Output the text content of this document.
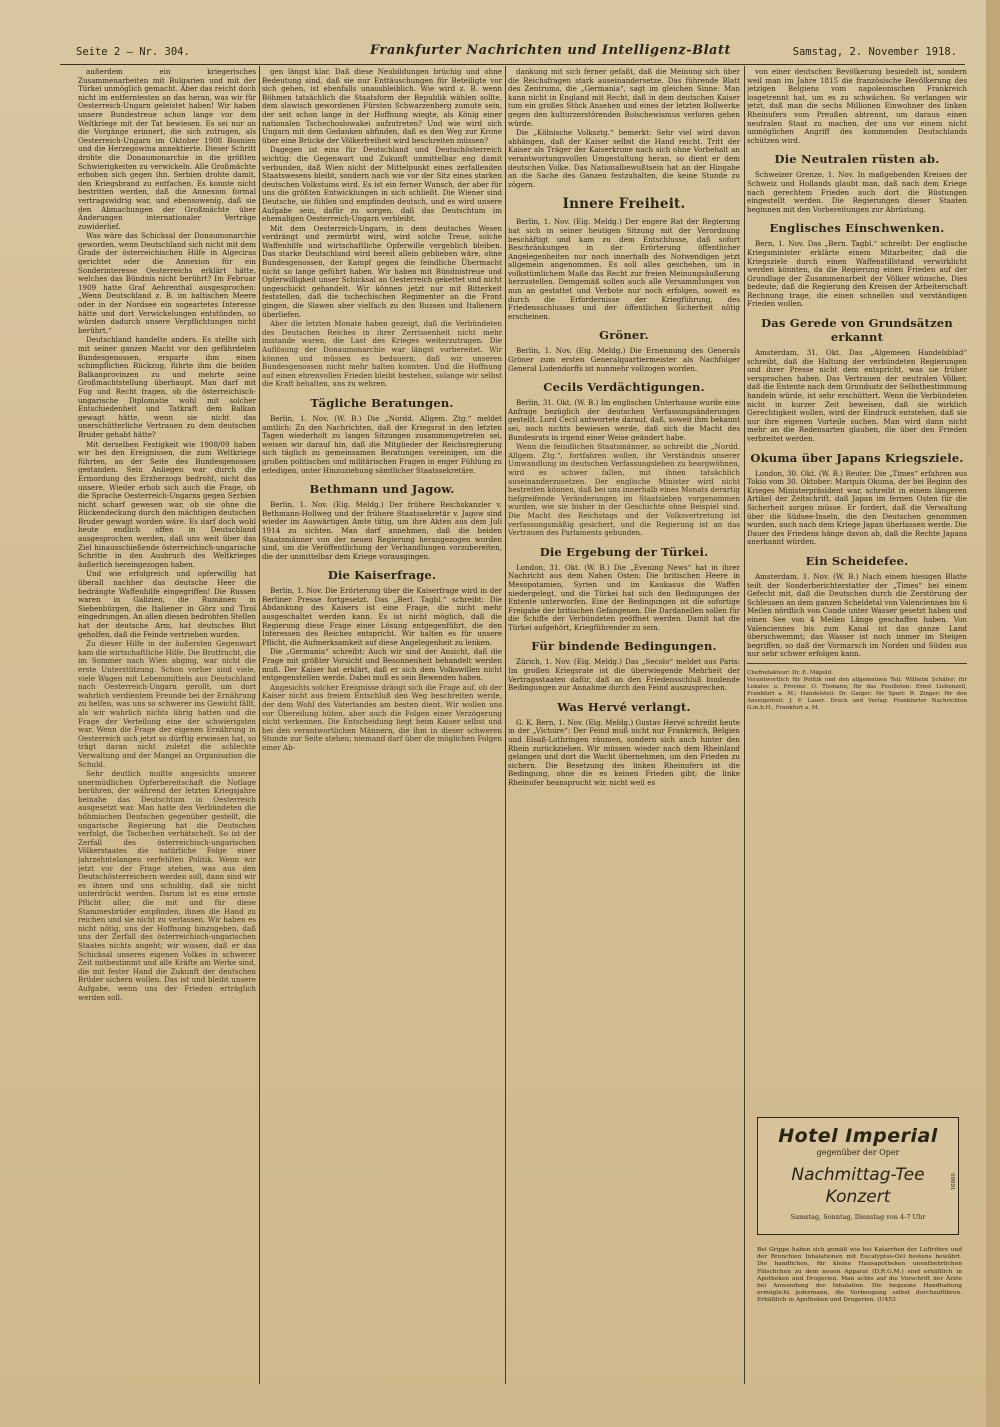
Seite 2 — Nr. 304.	Frankfurter Nachrichten und Intelligenz-Blatt	Samstag, 2. November 1918.

außerdem ein kriegerisches Zusammenarbeiten mit Bulgarien und mit der Türkei unmöglich gemacht. Aber das reicht doch nicht im entferntesten an das heran, was wir für Oesterreich-Ungarn geleistet haben! Wir haben unsere Bundestreue schon lange vor dem Weltkriege mit der Tat bewiesen. Es sei nur an die Vorgänge erinnert, die sich zutrugen, als Oesterreich-Ungarn im Oktober 1908 Bosnien und die Herzegowina annektierte. Dieser Schritt drohte die Donaumonarchie in die größten Schwierigkeiten zu verwickeln. Alle Großmächte erhoben sich gegen ihn. Serbien drohte damit, den Kriegsbrand zu entfachen. Es konnte nicht bestritten werden, daß die Annexion formal vertragswidrig war, und ebensowenig, daß sie den Abmachungen der Großmächte über Änderungen internationaler Verträge zuwiderlief.

Was wäre das Schicksal der Donaumonarchie geworden, wenn Deutschland sich nicht mit dem Grade der österreichischen Hilfe in Algeciras gerichtet oder die Annexion für ein Sonderinteresse Oesterreichs erklärt hätte, welches das Bündnis nicht berührt? Im Februar 1909 hatte Graf Aehrenthal ausgesprochen: „Wenn Deutschland z. B. im baltischen Meere oder in der Nordsee ein sogeartetes Interesse hätte und dort Verwickelungen entstünden, so würden dadurch unsere Verpflichtungen nicht berührt.“

Deutschland handelte anders. Es stellte sich mit seiner ganzen Macht vor den gefährdeten Bundesgenossen, ersparte ihm einen schimpflichen Rückzug, führte ihm die beiden Balkanprovinzen zu und mehrte seine Großmachtstellung überhaupt. Man darf mit Fug und Recht fragen, ob die österreichisch-ungarische Diplomatie wohl mit solcher Entschiedenheit und Tatkraft dem Balkan gewagt hätte, wenn sie nicht das unerschütterliche Vertrauen zu dem deutschen Bruder gehabt hätte?

Mit derselben Festigkeit wie 1908/09 haben wir bei den Ereignissen, die zum Weltkriege führten, an der Seite des Bundesgenossen gestanden. Sein Anliegen war durch die Ermordung des Erzherzogs bedroht, nicht das unsere. Wieder erhob sich auch die Frage, ob die Sprache Oesterreich-Ungarns gegen Serbien nicht scharf gewesen war, ob sie ohne die Rückendeckung durch den mächtigen deutschen Bruder gewagt worden wäre. Es darf doch wohl heute endlich offen in Deutschland ausgesprochen werden, daß uns weit über das Ziel hinausschießende österreichisch-ungarische Schritte in den Ausbruch des Weltkrieges äußerlich hereingezogen haben.

Und wie erfolgreich und opferwillig hat überall nachher das deutsche Heer die bedrängte Waffenhilfe eingegriffen! Die Russen waren in Galizien, die Rumänen in Siebenbürgen, die Italiener in Görz und Tirol eingedrungen. An allen diesen bedrohten Stellen hat der deutsche Arm, hat deutsches Blut geholfen, daß die Feinde vertrieben wurden.

Zu dieser Hilfe in der äußersten Gegenwart kam die wirtschaftliche Hilfe. Die Brotfrucht, die im Sommer nach Wien abging, war nicht die erste Unterstützung. Schon vorher sind viele, viele Wagen mit Lebensmitteln aus Deutschland nach Oesterreich-Ungarn gerollt, um dort wahrlich verdientem Freunde bei der Ernährung zu helfen, was uns so schwerer ins Gewicht fällt, als wir wahrlich nichts übrig hatten und die Frage der Verteilung eine der schwierigsten war. Wenn die Frage der eigenen Ernährung in Oesterreich sich jetzt so dürftig erwiesen hat, so trägt daran nicht zuletzt die schlechte Verwaltung und der Mangel an Organisation die Schuld.

Sehr deutlich mußte angesichts unserer unermüdlichen Opferbereitschaft die Notlage berühren, der während der letzten Kriegsjahre beinahe das Deutschtum in Oesterreich ausgesetzt war. Man hatte den Verbündeten die böhmischen Deutschen gegenüber gestellt, die ungarische Regierung hat die Deutschen verfolgt, die Tschechen verhätschelt. So ist der Zerfall des österreichisch-ungarischen Völkerstaates die natürliche Folge einer jahrzehntelangen verfehlten Politik. Wenn wir jetzt vor der Frage stehen, was aus den Deutschösterreichern werden soll, dann sind wir es ihnen und uns schuldig, daß sie nicht unterdrückt werden. Darum ist es eine ernste Pflicht aller, die mit und für diese Stammesbrüder empfinden, ihnen die Hand zu reichen und sie nicht zu verlassen. Wir haben es nicht nötig, uns der Hoffnung hinzugeben, daß uns der Zerfall des österreichisch-ungarischen Staates nichts angeht; wir wissen, daß er das Schicksal unseres eigenen Volkes in schwerer Zeit mitbestimmt und alle Kräfte am Werke sind, die mit fester Hand die Zukunft der deutschen Brüder sichern wollen. Das ist und bleibt unsere Aufgabe, wenn uns der Frieden erträglich werden soll.

gen längst klar. Daß diese Neubildungen brüchig und ohne Bedeutung sind, daß sie nur Enttäuschungen für Beteiligte vor sich gehen, ist ebenfalls unausbleiblich. Wie wird z. B. wenn Böhmen tatsächlich die Staatsform der Republik wählen sollte, dem slawisch gewordenen Fürsten Schwarzenberg zumute sein, der seit schon lange in der Hoffnung wiegte, als König einer nationalen Tschechoslowakei aufzutreten? Und wie wird sich Ungarn mit dem Gedanken abfinden, daß es den Weg zur Krone über eine Brücke der Völkerfreiheit wird beschreiten müssen?

Dagegen ist eins für Deutschland und Deutschösterreich wichtig: die Gegenwart und Zukunft unmittelbar eng damit verbunden, daß Wien nicht der Mittelpunkt eines zerfallenden Staatswesens bleibt, sondern nach wie vor der Sitz eines starken deutschen Volkstums wird. Es ist ein ferner Wunsch, der aber für uns die größten Entwicklungen in sich schließt. Die Wiener sind Deutsche, sie fühlen und empfinden deutsch, und es wird unsere Aufgabe sein, dafür zu sorgen, daß das Deutschtum im ehemaligen Oesterreich-Ungarn verbleibt.

Mit dem Oesterreich-Ungarn, in dem deutsches Wesen verdrängt und zermürbt wird, wird solche Treue, solche Waffenhilfe und wirtschaftliche Opferwille vergeblich bleiben. Das starke Deutschland wird bereit allein geblieben wäre, ohne Bundesgenossen, der Kampf gegen die feindliche Übermacht nicht so lange geführt haben. Wir haben mit Bündnistreue und Opferwilligkeit unser Schicksal an Oesterreich gekettet und nicht ungeschickt gehandelt. Wir können jetzt nur mit Bitterkeit feststellen, daß die tschechischen Regimenter an die Front gingen, die Slawen aber vielfach zu den Russen und Italienern überliefen.

Aber die letzten Monate haben gezeigt, daß die Verbündeten des Deutschen Reiches in ihrer Zerrissenheit nicht mehr imstande waren, die Last des Krieges weiterzutragen. Die Auflösung der Donaumonarchie war längst vorbereitet. Wir können und müssen es bedauern, daß wir unseren Bundesgenossen nicht mehr halten konnten. Und die Hoffnung auf einen ehrenvollen Frieden bleibt bestehen, solange wir selbst die Kraft behalten, uns zu wehren.

Tägliche Beratungen.

Berlin, 1. Nov. (W. B.) Die „Nordd. Allgem. Ztg.“ meldet amtlich: Zu den Nachrichten, daß der Kriegsrat in den letzten Tagen wiederholt zu langen Sitzungen zusammengetreten sei, weisen wir darauf hin, daß die Mitglieder der Reichsregierung sich täglich zu gemeinsamen Beratungen vereinigen, um die großen politischen und militärischen Fragen in enger Fühlung zu erledigen, unter Hinzuziehung sämtlicher Staatssekretäre.

Bethmann und Jagow.

Berlin, 1. Nov. (Eig. Meldg.) Der frühere Reichskanzler v. Bethmann-Hollweg und der frühere Staatssekretär v. Jagow sind wieder im Auswärtigen Amte tätig, um ihre Akten aus dem Juli 1914 zu sichten. Man darf annehmen, daß die beiden Staatsmänner von der neuen Regierung herangezogen worden sind, um die Veröffentlichung der Verhandlungen vorzubereiten, die der unmittelbar dem Kriege vorausgingen.

Die Kaiserfrage.

Berlin, 1. Nov. Die Erörterung über die Kaiserfrage wird in der Berliner Presse fortgesetzt. Das „Berl. Tagbl.“ schreibt: Die Abdankung des Kaisers ist eine Frage, die nicht mehr ausgeschaltet werden kann. Es ist nicht möglich, daß die Regierung diese Frage einer Lösung entgegenführt, die den Interessen des Reiches entspricht. Wir halten es für unsere Pflicht, die Aufmerksamkeit auf diese Angelegenheit zu lenken.

Die „Germania“ schreibt: Auch wir sind der Ansicht, daß die Frage mit größter Vorsicht und Besonnenheit behandelt werden muß. Der Kaiser hat erklärt, daß er sich dem Volkswillen nicht entgegenstellen werde. Dabei muß es sein Bewenden haben.

Angesichts solcher Ereignisse drängt sich die Frage auf, ob der Kaiser nicht aus freiem Entschluß den Weg beschreiten werde, der dem Wohl des Vaterlandes am besten dient. Wir wollen uns vor Übereilung hüten, aber auch die Folgen einer Verzögerung nicht verkennen. Die Entscheidung liegt beim Kaiser selbst und bei den verantwortlichen Männern, die ihm in dieser schweren Stunde zur Seite stehen; niemand darf über die möglichen Folgen einer Ab-

dankung mit sich ferner gefaßt, daß die Meinung sich über die Reichsfragen stark auseinandersetze. Das führende Blatt des Zentrums, die „Germania“, sagt im gleichen Sinne: Man kann nicht in England mit Recht, daß in dem deutschen Kaiser tum ein großes Stück Ansehen und eines der letzten Bollwerke gegen den kulturzerstörenden Bolschewismus verloren gehen würde.

Die „Kölnische Volksztg.“ bemerkt: Sehr viel wird davon abhängen, daß der Kaiser selbst die Hand reicht. Tritt der Kaiser als Träger der Kaiserkrone nach sich ohne Vorbehalt an verantwortungsvollen Umgestaltung heran, so dient er dem deutschen Volke. Das Nationalbewußtsein hat an der Hingabe an die Sache des Ganzen festzuhalten, die keine Stunde zu zögern.

Innere Freiheit.

Berlin, 1. Nov. (Eig. Meldg.) Der engere Rat der Regierung hat sich in seiner heutigen Sitzung mit der Verordnung beschäftigt und kam zu dem Entschlusse, daß sofort Beschränkungen in der Erörterung öffentlicher Angelegenheiten nur noch innerhalb des Notwendigen jetzt allgemein angenommen. Es soll alles geschehen, um in volkstümlichem Maße das Recht zur freien Meinungsäußerung herzustellen. Demgemäß sollen auch alle Versammlungen von nun an gestattet und Verbote nur noch erfolgen, soweit es durch die Erfordernisse der Kriegführung, des Friedensschlusses und der öffentlichen Sicherheit nötig erscheinen.

Gröner.

Berlin, 1. Nov. (Eig. Meldg.) Die Ernennung des Generals Gröner zum ersten Generalquartiermeister als Nachfolger General Ludendorffs ist nunmehr vollzogen worden.

Cecils Verdächtigungen.

Berlin, 31. Okt. (W. B.) Im englischen Unterhause wurde eine Anfrage bezüglich der deutschen Verfassungsänderungen gestellt. Lord Cecil antwortete darauf, daß, soweit ihm bekannt sei, noch nichts bewiesen werde, daß sich die Macht des Bundesrats in irgend einer Weise geändert habe.

Wenn die feindlichen Staatsmänner, so schreibt die „Nordd. Allgem. Ztg.“, fortfahren wollen, ihr Verständnis unserer Umwandlung im deutschen Verfassungsleben zu beargwöhnen, wird es schwer fallen, mit ihnen tatsächlich auseinanderzusetzen. Der englische Minister wird nicht bestreiten können, daß bei uns innerhalb eines Monats derartig tiefgreifende Veränderungen im Staatsleben vorgenommen wurden, wie sie bisher in der Geschichte ohne Beispiel sind. Die Macht des Reichstags und der Volksvertretung ist verfassungsmäßig gesichert, und die Regierung ist an das Vertrauen des Parlaments gebunden.

Die Ergebung der Türkei.

London, 31. Okt. (W. B.) Die „Evening News“ hat in ihrer Nachricht aus dem Nahen Osten: Die britischen Heere in Mesopotamien, Syrien und im Kaukasus die Waffen niedergelegt, und die Türkei hat sich den Bedingungen der Entente unterworfen. Eine der Bedingungen ist die sofortige Freigabe der britischen Gefangenen. Die Dardanellen sollen für die Schiffe der Verbündeten geöffnet werden. Damit hat die Türkei aufgehört, Kriegführender zu sein.

Für bindende Bedingungen.

Zürich, 1. Nov. (Eig. Meldg.) Das „Secolo“ meldet aus Paris: Im großen Kriegsrate ist die überwiegende Mehrheit der Vertragsstaaten dafür, daß an den Friedensschluß bindende Bedingungen zur Annahme durch den Feind auszusprechen.

Was Hervé verlangt.

G. K. Bern, 1. Nov. (Eig. Meldg.) Gustav Hervé schreibt heute in der „Victoire“: Der Feind muß nicht nur Frankreich, Belgien und Elsaß-Lothringen räumen, sondern sich auch hinter den Rhein zurückziehen. Wir müssen wieder nach dem Rheinland gelangen und dort die Wacht übernehmen, um den Frieden zu sichern. Die Besetzung des linken Rheinufers ist die Bedingung, ohne die es keinen Frieden gibt; die linke Rheinufer beansprucht wir, nicht weil es

von einer deutschen Bevölkerung besiedelt ist, sondern weil man im Jahre 1815 die französische Bevölkerung des jetzigen Belgiens vom napoleonischen Frankreich losgetrennt hat, um es zu schwächen. So verlangen wir jetzt, daß man die sechs Millionen Einwohner des linken Rheinufers vom Preußen abtrennt, um daraus einen neutralen Staat zu machen, der uns vor einem nicht unmöglichen Angriff des kommenden Deutschlands schützen wird.

Die Neutralen rüsten ab.

Schweizer Grenze, 1. Nov. In maßgebenden Kreisen der Schweiz und Hollands glaubt man, daß nach dem Kriege nach gerechtem Frieden auch dort die Rüstungen eingestellt werden. Die Regierungen dieser Staaten beginnen mit den Vorbereitungen zur Abrüstung.

Englisches Einschwenken.

Bern, 1. Nov. Das „Bern. Tagbl.“ schreibt: Der englische Kriegsminister erklärte einem Mitarbeiter, daß die Kriegsziele durch einen Waffenstillstand verwirklicht werden könnten, da die Regierung einen Frieden auf der Grundlage der Zusammenarbeit der Völker wünsche. Dies bedeute, daß die Regierung den Kreisen der Arbeiterschaft Rechnung trage, die einen schnellen und verständigen Frieden wollen.

Das Gerede von Grundsätzen erkannt

Amsterdam, 31. Okt. Das „Algemeen Handelsblad“ schreibt, daß die Haltung der verbündeten Regierungen und ihrer Presse nicht dem entspricht, was sie früher versprochen haben. Das Vertrauen der neutralen Völker, daß die Entente nach dem Grundsatz der Selbstbestimmung handeln würde, ist sehr erschüttert. Wenn die Verbündeten nicht in kurzer Zeit beweisen, daß sie wirklich Gerechtigkeit wollen, wird der Eindruck entstehen, daß sie nur ihre eigenen Vorteile suchen. Man wird dann nicht mehr an die Redensarten glauben, die über den Frieden verbreitet werden.

Okuma über Japans Kriegsziele.

London, 30. Okt. (W. B.) Reuter. Die „Times“ erfahren aus Tokio vom 30. Oktober: Marquis Okuma, der bei Beginn des Krieges Ministerpräsident war, schreibt in einem längeren Artikel der Zeitschrift, daß Japan im fernen Osten für die Sicherheit sorgen müsse. Er fordert, daß die Verwaltung über die Südsee-Inseln, die den Deutschen genommen wurden, auch nach dem Kriege Japan überlassen werde. Die Dauer des Friedens hänge davon ab, daß die Rechte Japans anerkannt würden.

Ein Scheidefee.

Amsterdam, 1. Nov. (W. B.) Nach einem hiesigen Blatte teilt der Sonderberichterstatter der „Times“ bei einem Gefecht mit, daß die Deutschen durch die Zerstörung der Schleusen an dem ganzen Scheldetal von Valenciennes bis 6 Meilen nördlich von Conde unter Wasser gesetzt haben und einen See von 4 Meilen Länge geschaffen haben. Von Valenciennes bis zum Kanal ist das ganze Land überschwemmt; das Wasser ist noch immer im Steigen begriffen, so daß der Vormarsch im Norden und Süden aus nur sehr schwer erfolgen kann.

Chefredakteur: Dr. E. Mäpold.
Verantwortlich für Politik und den allgemeinen Teil: Wilhelm Schäfer; für Lokales u. Provinz: O. Tiemann; für das Feuilleton: Ernst Liebenzell, Frankfurt a. M.; Handelsteil: Dr. Geiger; für Sport: R. Zinger; für den Anzeigenteil: J. F. Lauer. Druck und Verlag: Frankfurter Nachrichten G.m.b.H., Frankfurt a. M.
Hotel Imperial
gegenüber der Oper
Nachmittag-Tee
Konzert
Samstag, Sonntag, Dienstag von 4-7 Uhr
08691
Bei Grippe haben sich gemäß wie bei Katarrhen der Luftröhre und der Bronchien Inhalationen mit Eucalyptus-Oel bestens bewährt. Die handlichen, für kleine Hausapotheken unentbehrlichen Fläschchen zu dem neuen Apparat (D.R.G.M.) sind erhältlich in Apotheken und Drogerien. Man achte auf die Vorschrift der Ärzte bei Anwendung der Inhalation. Die bequeme Handhabung ermöglicht jedermann, die Vorbeugung selbst durchzuführen. Erhältlich in Apotheken und Drogerien. (U453
